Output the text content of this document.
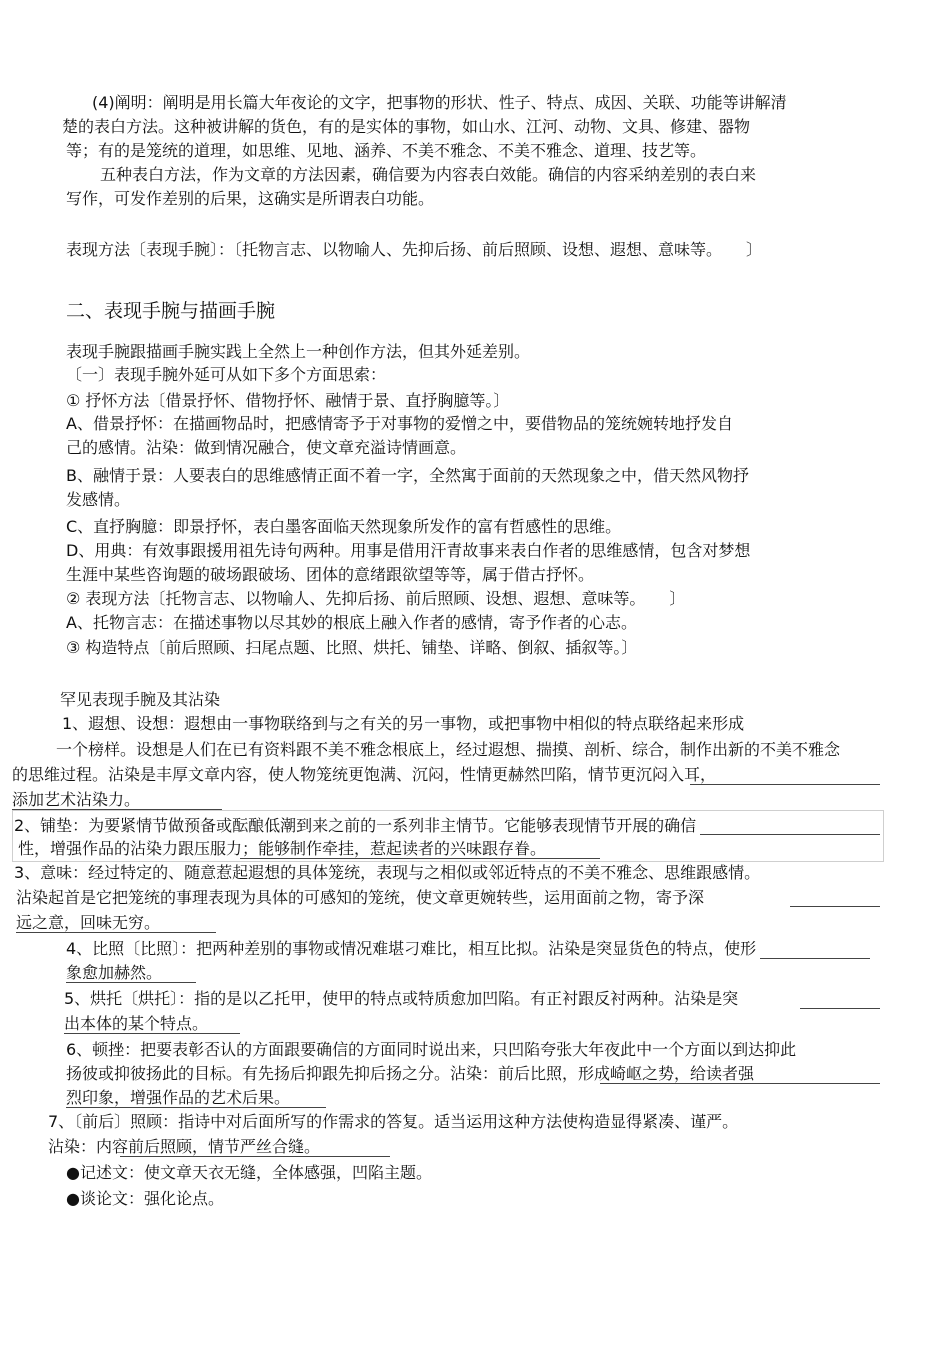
(4)阐明：阐明是用长篇大年夜论的文字，把事物的形状、性子、特点、成因、关联、功能等讲解清
楚的表白方法。这种被讲解的货色，有的是实体的事物，如山水、江河、动物、文具、修建、器物
等；有的是笼统的道理，如思维、见地、涵养、不美不雅念、不美不雅念、道理、技艺等。
五种表白方法，作为文章的方法因素，确信要为内容表白效能。确信的内容采纳差别的表白来
写作，可发作差别的后果，这确实是所谓表白功能。
表现方法〔表现手腕〕：〔托物言志、以物喻人、先抑后扬、前后照顾、设想、遐想、意味等。　　〕
二、表现手腕与描画手腕
表现手腕跟描画手腕实践上全然上一种创作方法，但其外延差别。
〔一〕表现手腕外延可从如下多个方面思索：
① 抒怀方法〔借景抒怀、借物抒怀、融情于景、直抒胸臆等。〕
A、借景抒怀：在描画物品时，把感情寄予于对事物的爱憎之中，要借物品的笼统婉转地抒发自
己的感情。沾染：做到情况融合，使文章充溢诗情画意。
B、融情于景：人要表白的思维感情正面不着一字，全然寓于面前的天然现象之中，借天然风物抒
发感情。
C、直抒胸臆：即景抒怀，表白墨客面临天然现象所发作的富有哲感性的思维。
D、用典：有效事跟援用祖先诗句两种。用事是借用汗青故事来表白作者的思维感情，包含对梦想
生涯中某些咨询题的破场跟破场、团体的意绪跟欲望等等，属于借古抒怀。
② 表现方法〔托物言志、以物喻人、先抑后扬、前后照顾、设想、遐想、意味等。　　〕
A、托物言志：在描述事物以尽其妙的根底上融入作者的感情，寄予作者的心志。
③ 构造特点〔前后照顾、扫尾点题、比照、烘托、铺垫、详略、倒叙、插叙等。〕
罕见表现手腕及其沾染
1、遐想、设想：遐想由一事物联络到与之有关的另一事物，或把事物中相似的特点联络起来形成
一个榜样。设想是人们在已有资料跟不美不雅念根底上，经过遐想、揣摸、剖析、综合，制作出新的不美不雅念
的思维过程。沾染是丰厚文章内容，使人物笼统更饱满、沉闷，性情更赫然凹陷，情节更沉闷入耳，
添加艺术沾染力。
2、铺垫：为要紧情节做预备或酝酿低潮到来之前的一系列非主情节。它能够表现情节开展的确信
性，增强作品的沾染力跟压服力；能够制作牵挂，惹起读者的兴味跟存眷。
3、意味：经过特定的、随意惹起遐想的具体笼统，表现与之相似或邻近特点的不美不雅念、思维跟感情。
沾染起首是它把笼统的事理表现为具体的可感知的笼统，使文章更婉转些，运用面前之物，寄予深
远之意，回味无穷。
4、比照〔比照〕：把两种差别的事物或情况难堪刁难比，相互比拟。沾染是突显货色的特点，使形
象愈加赫然。
5、烘托〔烘托〕：指的是以乙托甲，使甲的特点或特质愈加凹陷。有正衬跟反衬两种。沾染是突
出本体的某个特点。
6、顿挫：把要表彰否认的方面跟要确信的方面同时说出来，只凹陷夸张大年夜此中一个方面以到达抑此
扬彼或抑彼扬此的目标。有先扬后抑跟先抑后扬之分。沾染：前后比照，形成崎岖之势，给读者强
烈印象，增强作品的艺术后果。
7、〔前后〕照顾：指诗中对后面所写的作需求的答复。适当运用这种方法使构造显得紧凑、谨严。
沾染：内容前后照顾，情节严丝合缝。
●记述文：使文章天衣无缝，全体感强，凹陷主题。
●谈论文：强化论点。
